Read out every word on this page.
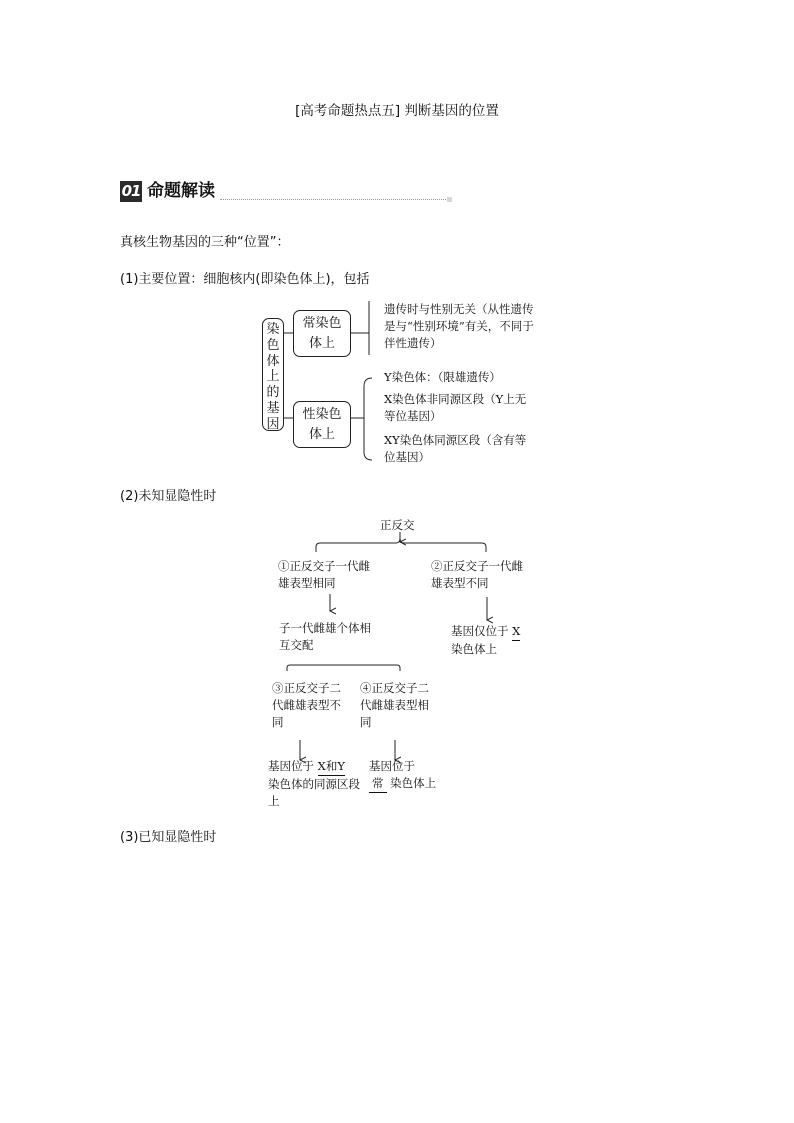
[高考命题热点五] 判断基因的位置
01 命题解读
真核生物基因的三种“位置”：
(1)主要位置：细胞核内(即染色体上)，包括
染色体上的基因
常染色体上
遗传时与性别无关（从性遗传是与“性别环境”有关，不同于伴性遗传）
性染色体上
Y染色体：（限雄遗传）
X染色体非同源区段（Y上无等位基因）
XY染色体同源区段（含有等位基因）
(2)未知显隐性时
正反交
①正反交子一代雌雄表型相同
②正反交子一代雌雄表型不同
子一代雌雄个体相互交配
基因仅位于 X 染色体上
③正反交子二代雌雄表型不同
④正反交子二代雌雄表型相同
基因位于 X和Y
染色体的同源区段上
基因位于
常 染色体上
(3)已知显隐性时
